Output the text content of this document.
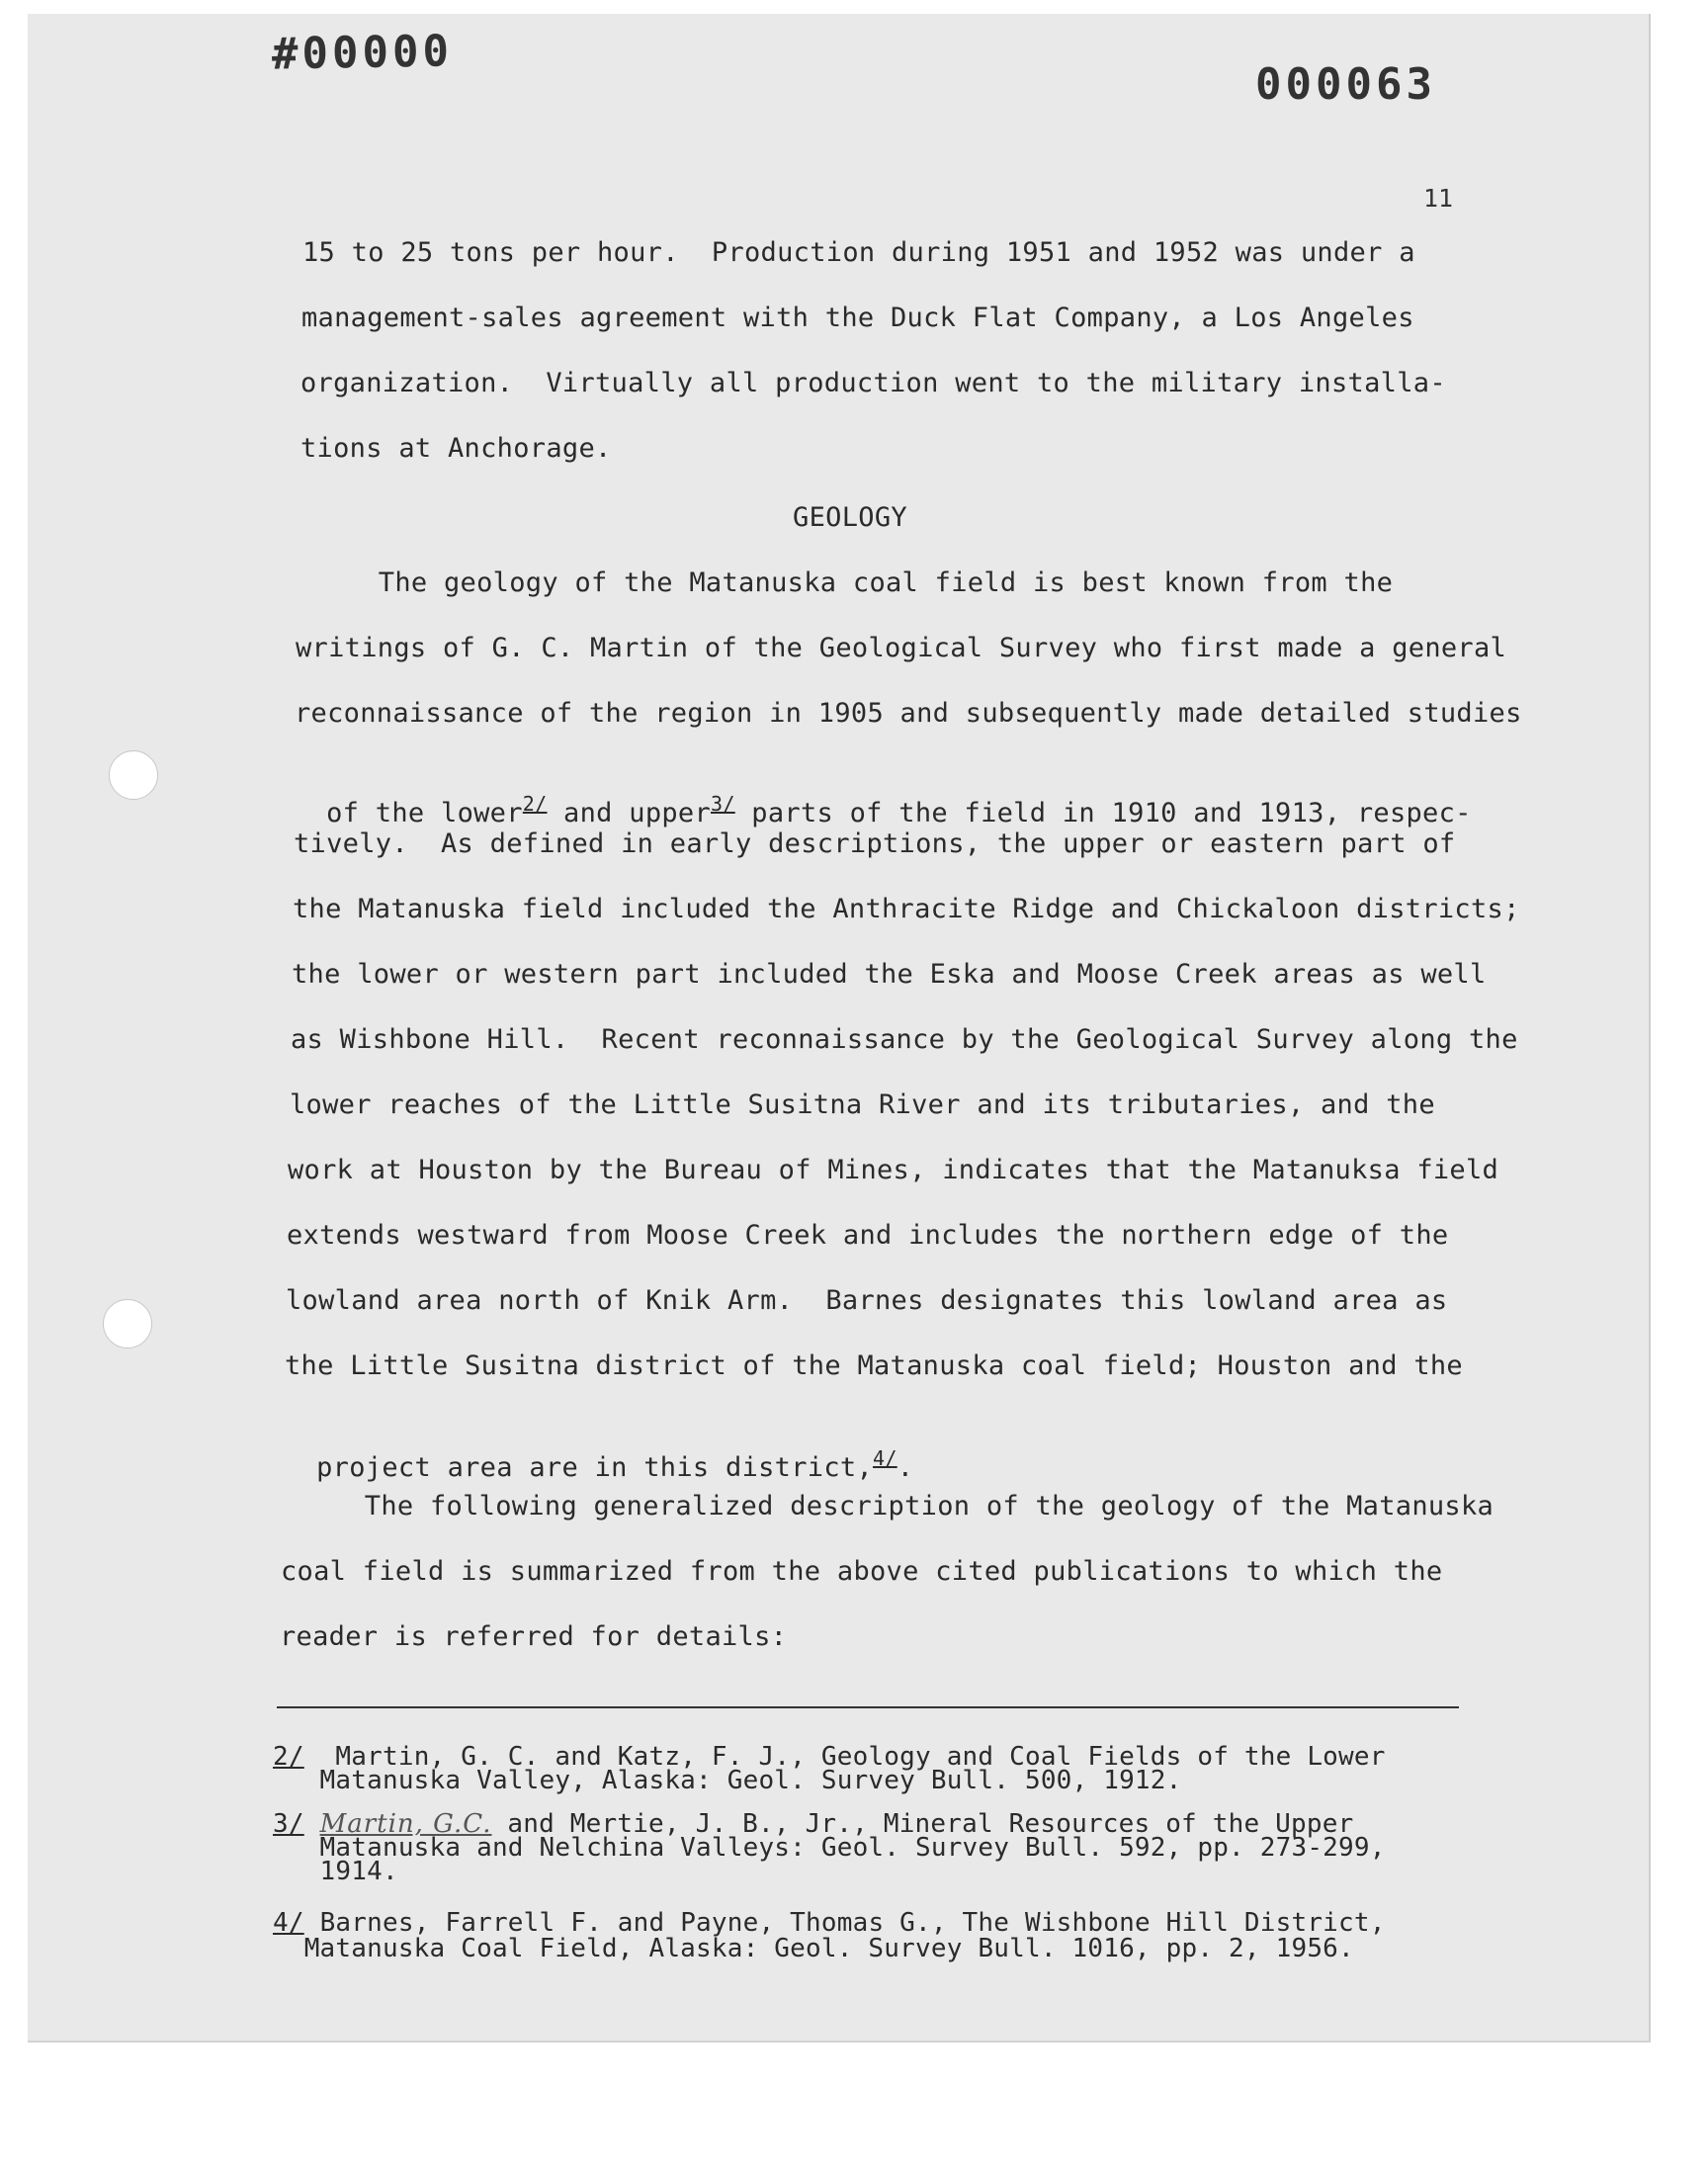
#00000
000063
11
15 to 25 tons per hour.  Production during 1951 and 1952 was under a
management-sales agreement with the Duck Flat Company, a Los Angeles
organization.  Virtually all production went to the military installa-
tions at Anchorage.
GEOLOGY
The geology of the Matanuska coal field is best known from the
writings of G. C. Martin of the Geological Survey who first made a general
reconnaissance of the region in 1905 and subsequently made detailed studies

of the lower$^{2/}$ and upper$^{3/}$ parts of the field in 1910 and 1913, respec-

tively.  As defined in early descriptions, the upper or eastern part of
the Matanuska field included the Anthracite Ridge and Chickaloon districts;
the lower or western part included the Eska and Moose Creek areas as well
as Wishbone Hill.  Recent reconnaissance by the Geological Survey along the
lower reaches of the Little Susitna River and its tributaries, and the
work at Houston by the Bureau of Mines, indicates that the Matanuksa field
extends westward from Moose Creek and includes the northern edge of the
lowland area north of Knik Arm.  Barnes designates this lowland area as
the Little Susitna district of the Matanuska coal field; Houston and the

project area are in this district,$^{4/}$.

The following generalized description of the geology of the Matanuska
coal field is summarized from the above cited publications to which the
reader is referred for details:
2/  Martin, G. C. and Katz, F. J., Geology and Coal Fields of the Lower
Matanuska Valley, Alaska: Geol. Survey Bull. 500, 1912.
3/ Martin, G.C. and Mertie, J. B., Jr., Mineral Resources of the Upper
Matanuska and Nelchina Valleys: Geol. Survey Bull. 592, pp. 273-299,
1914.
4/ Barnes, Farrell F. and Payne, Thomas G., The Wishbone Hill District,
Matanuska Coal Field, Alaska: Geol. Survey Bull. 1016, pp. 2, 1956.
